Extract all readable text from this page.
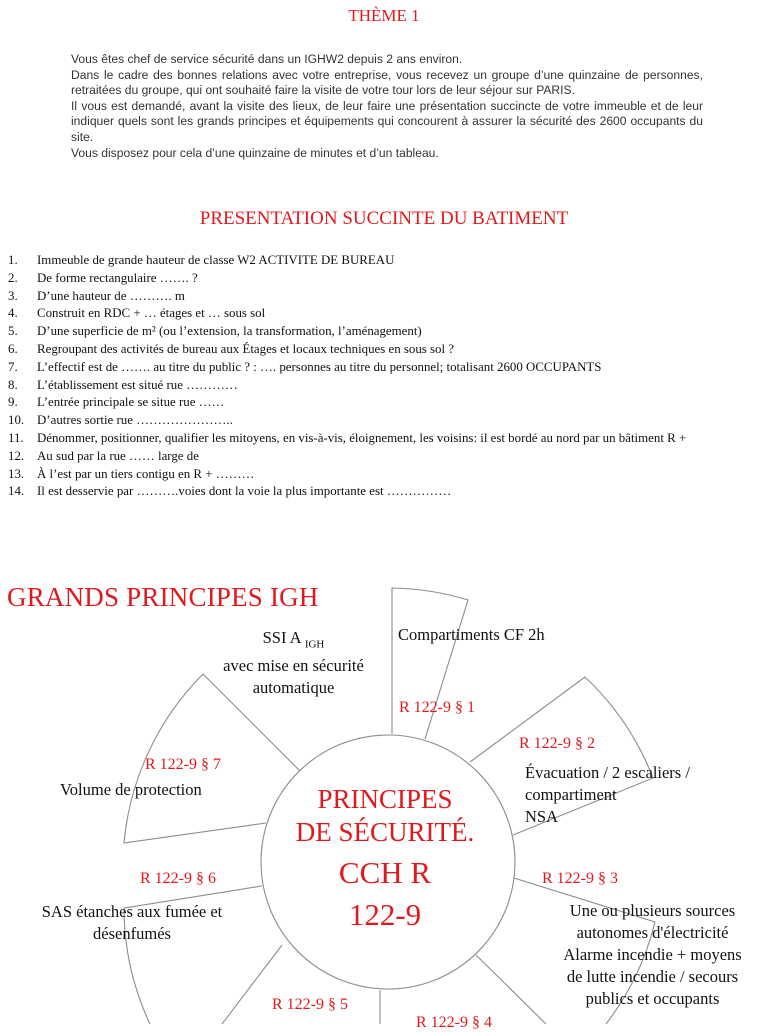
THÈME 1

Vous êtes chef de service sécurité dans un IGHW2 depuis 2 ans environ.

Dans le cadre des bonnes relations avec votre entreprise, vous recevez un groupe d’une quinzaine de personnes, retraitées du groupe, qui ont souhaité faire la visite de votre tour lors de leur séjour sur PARIS.

Il vous est demandé, avant la visite des lieux, de leur faire une présentation succincte de votre immeuble et de leur indiquer quels sont les grands principes et équipements qui concourent à assurer la sécurité des 2600 occupants du site.

Vous disposez pour cela d’une quinzaine de minutes et d’un tableau.

PRESENTATION SUCCINTE DU BATIMENT
1. Immeuble de grande hauteur de classe W2 ACTIVITE DE BUREAU
2. De forme rectangulaire ……. ?
3. D’une hauteur de ………. m
4. Construit en RDC + … étages et … sous sol
5. D’une superficie de m² (ou l’extension, la transformation, l’aménagement)
6. Regroupant des activités de bureau aux Étages et locaux techniques en sous sol ?
7. L’effectif est de ……. au titre du public ? : …. personnes au titre du personnel; totalisant 2600 OCCUPANTS
8. L’établissement est situé rue …………
9. L’entrée principale se situe rue ……
10. D’autres sortie rue …………………..
11. Dénommer, positionner, qualifier les mitoyens, en vis-à-vis, éloignement, les voisins: il est bordé au nord par un bâtiment R +
12. Au sud par la rue …… large de
13. À l’est par un tiers contigu en R + ………
14. Il est desservie par ……….voies dont la voie la plus importante est ……………
GRANDS PRINCIPES IGH
SSI A $_{IGH}$
avec mise en sécurité
automatique
Compartiments CF 2h
R 122-9 § 1
R 122-9 § 2
Évacuation / 2 escaliers /
compartiment
NSA
R 122-9 § 3
Une ou plusieurs sources
autonomes d'électricité
Alarme incendie + moyens
de lutte incendie / secours
publics et occupants
R 122-9 § 4
R 122-9 § 5
R 122-9 § 6
SAS étanches aux fumée et
désenfumés
R 122-9 § 7
Volume de protection	PRINCIPES
DE SÉCURITÉ.
CCH R
122-9
